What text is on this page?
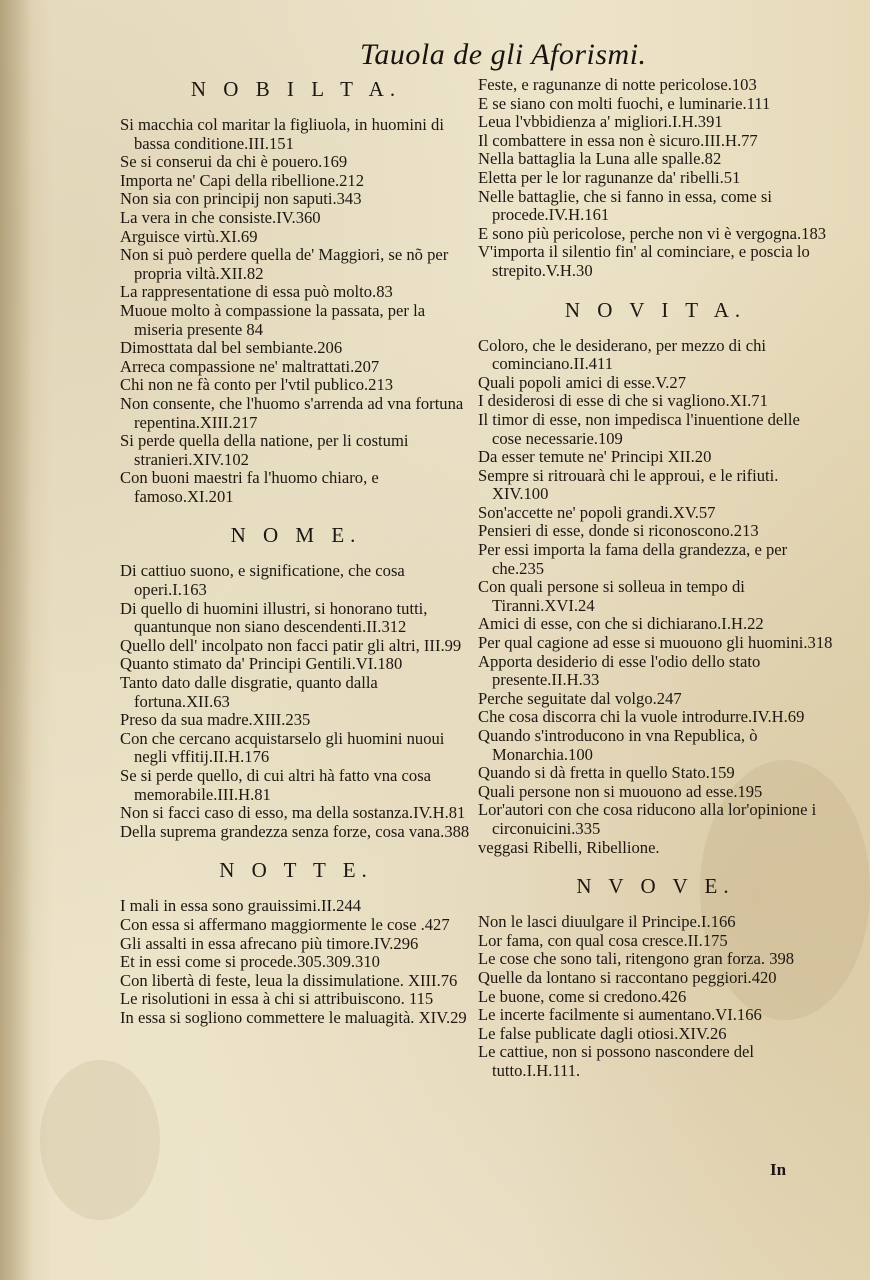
Tauola de gli Aforismi.
N O B I L T A.

Si macchia col maritar la figliuola, in huomini di bassa conditione.III.151

Se si conserui da chi è pouero.169

Importa ne' Capi della ribellione.212

Non sia con principij non saputi.343

La vera in che consiste.IV.360

Arguisce virtù.XI.69

Non si può perdere quella de' Maggiori, se nõ per propria viltà.XII.82

La rappresentatione di essa può molto.83

Muoue molto à compassione la passata, per la miseria presente 84

Dimosttata dal bel sembiante.206

Arreca compassione ne' maltrattati.207

Chi non ne fà conto per l'vtil publico.213

Non consente, che l'huomo s'arrenda ad vna fortuna repentina.XIII.217

Si perde quella della natione, per li costumi stranieri.XIV.102

Con buoni maestri fa l'huomo chiaro, e famoso.XI.201

N O M E.

Di cattiuo suono, e significatione, che cosa operi.I.163

Di quello di huomini illustri, si honorano tutti, quantunque non siano descendenti.II.312

Quello dell' incolpato non facci patir gli altri, III.99

Quanto stimato da' Principi Gentili.VI.180

Tanto dato dalle disgratie, quanto dalla fortuna.XII.63

Preso da sua madre.XIII.235

Con che cercano acquistarselo gli huomini nuoui negli vffitij.II.H.176

Se si perde quello, di cui altri hà fatto vna cosa memorabile.III.H.81

Non si facci caso di esso, ma della sostanza.IV.H.81

Della suprema grandezza senza forze, cosa vana.388

N O T T E.

I mali in essa sono grauissimi.II.244

Con essa si affermano maggiormente le cose .427

Gli assalti in essa afrecano più timore.IV.296

Et in essi come si procede.305.309.310

Con libertà di feste, leua la dissimulatione. XIII.76

Le risolutioni in essa à chi si attribuiscono. 115

In essa si sogliono commettere le maluagità. XIV.29

Feste, e ragunanze di notte pericolose.103

E se siano con molti fuochi, e luminarie.111

Leua l'vbbidienza a' migliori.I.H.391

Il combattere in essa non è sicuro.III.H.77

Nella battaglia la Luna alle spalle.82

Eletta per le lor ragunanze da' ribelli.51

Nelle battaglie, che si fanno in essa, come si procede.IV.H.161

E sono più pericolose, perche non vi è vergogna.183

V'importa il silentio fin' al cominciare, e poscia lo strepito.V.H.30

N O V I T A.

Coloro, che le desiderano, per mezzo di chi cominciano.II.411

Quali popoli amici di esse.V.27

I desiderosi di esse di che si vagliono.XI.71

Il timor di esse, non impedisca l'inuentione delle cose necessarie.109

Da esser temute ne' Principi XII.20

Sempre si ritrouarà chi le approui, e le rifiuti. XIV.100

Son'accette ne' popoli grandi.XV.57

Pensieri di esse, donde si riconoscono.213

Per essi importa la fama della grandezza, e per che.235

Con quali persone si solleua in tempo di Tiranni.XVI.24

Amici di esse, con che si dichiarano.I.H.22

Per qual cagione ad esse si muouono gli huomini.318

Apporta desiderio di esse l'odio dello stato presente.II.H.33

Perche seguitate dal volgo.247

Che cosa discorra chi la vuole introdurre.IV.H.69

Quando s'introducono in vna Republica, ò Monarchia.100

Quando si dà fretta in quello Stato.159

Quali persone non si muouono ad esse.195

Lor'autori con che cosa riducono alla lor'opinione i circonuicini.335

veggasi Ribelli, Ribellione.

N V O V E.

Non le lasci diuulgare il Principe.I.166

Lor fama, con qual cosa cresce.II.175

Le cose che sono tali, ritengono gran forza. 398

Quelle da lontano si raccontano peggiori.420

Le buone, come si credono.426

Le incerte facilmente si aumentano.VI.166

Le false publicate dagli otiosi.XIV.26

Le cattiue, non si possono nascondere del tutto.I.H.111.

In
